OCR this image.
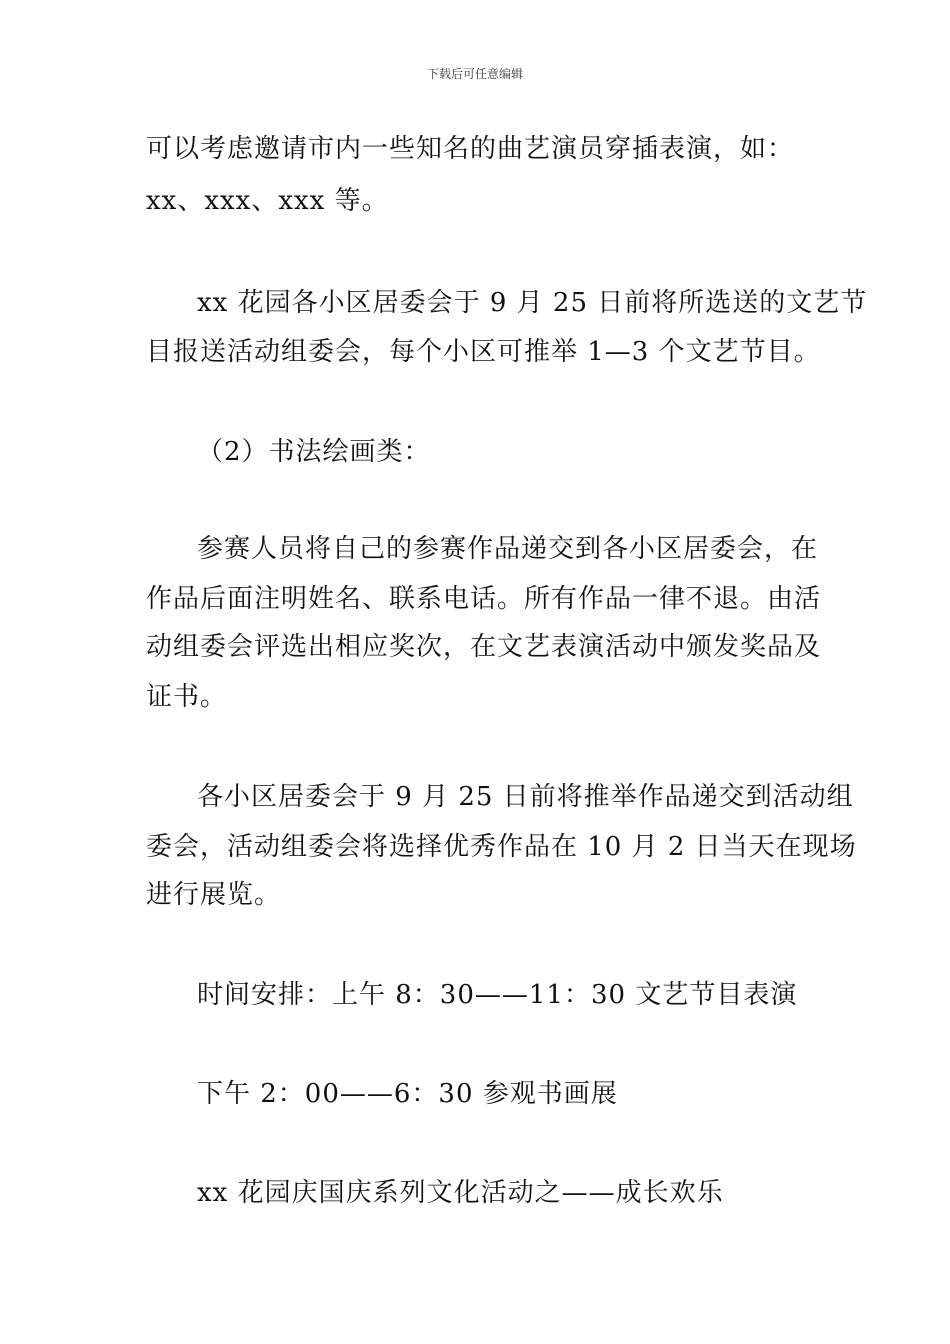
下载后可任意编辑
可以考虑邀请市内一些知名的曲艺演员穿插表演，如：
xx、xxx、xxx 等。
xx 花园各小区居委会于 9 月 25 日前将所选送的文艺节
目报送活动组委会，每个小区可推举 1—3 个文艺节目。
（2）书法绘画类：
参赛人员将自己的参赛作品递交到各小区居委会，在
作品后面注明姓名、联系电话。所有作品一律不退。由活
动组委会评选出相应奖次，在文艺表演活动中颁发奖品及
证书。
各小区居委会于 9 月 25 日前将推举作品递交到活动组
委会，活动组委会将选择优秀作品在 10 月 2 日当天在现场
进行展览。
时间安排：上午 8：30——11：30 文艺节目表演
下午 2：00——6：30 参观书画展
xx 花园庆国庆系列文化活动之——成长欢乐
